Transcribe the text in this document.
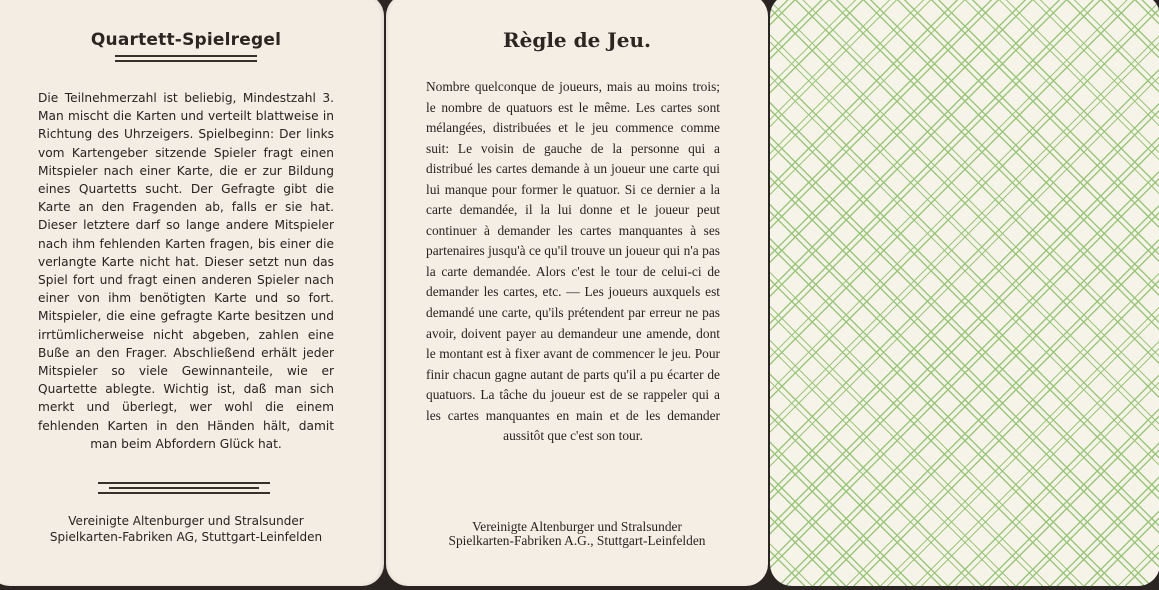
Quartett-Spielregel

Die Teilnehmerzahl ist beliebig, Mindestzahl 3. Man mischt die Karten und verteilt blattweise in Richtung des Uhrzeigers. Spielbeginn: Der links vom Kartengeber sitzende Spieler fragt einen Mitspieler nach einer Karte, die er zur Bildung eines Quartetts sucht. Der Gefragte gibt die Karte an den Fragenden ab, falls er sie hat. Dieser letztere darf so lange andere Mitspieler nach ihm fehlenden Karten fragen, bis einer die verlangte Karte nicht hat. Dieser setzt nun das Spiel fort und fragt einen anderen Spieler nach einer von ihm benötigten Karte und so fort. Mitspieler, die eine gefragte Karte besitzen und irrtümlicherweise nicht abgeben, zahlen eine Buße an den Frager. Abschließend erhält jeder Mitspieler so viele Gewinnanteile, wie er Quartette ablegte. Wichtig ist, daß man sich merkt und überlegt, wer wohl die einem fehlenden Karten in den Händen hält, damit man beim Abfordern Glück hat.

Vereinigte Altenburger und Stralsunder
Spielkarten-Fabriken AG, Stuttgart-Leinfelden
Règle de Jeu.

Nombre quelconque de joueurs, mais au moins trois; le nombre de quatuors est le même. Les cartes sont mélangées, distribuées et le jeu commence comme suit: Le voisin de gauche de la personne qui a distribué les cartes demande à un joueur une carte qui lui manque pour former le quatuor. Si ce dernier a la carte demandée, il la lui donne et le joueur peut continuer à demander les cartes manquantes à ses partenaires jusqu'à ce qu'il trouve un joueur qui n'a pas la carte demandée. Alors c'est le tour de celui-ci de demander les cartes, etc. — Les joueurs auxquels est demandé une carte, qu'ils prétendent par erreur ne pas avoir, doivent payer au demandeur une amende, dont le montant est à fixer avant de commencer le jeu. Pour finir chacun gagne autant de parts qu'il a pu écarter de quatuors. La tâche du joueur est de se rappeler qui a les cartes manquantes en main et de les demander aussitôt que c'est son tour.

Vereinigte Altenburger und Stralsunder
Spielkarten-Fabriken A.G., Stuttgart-Leinfelden
